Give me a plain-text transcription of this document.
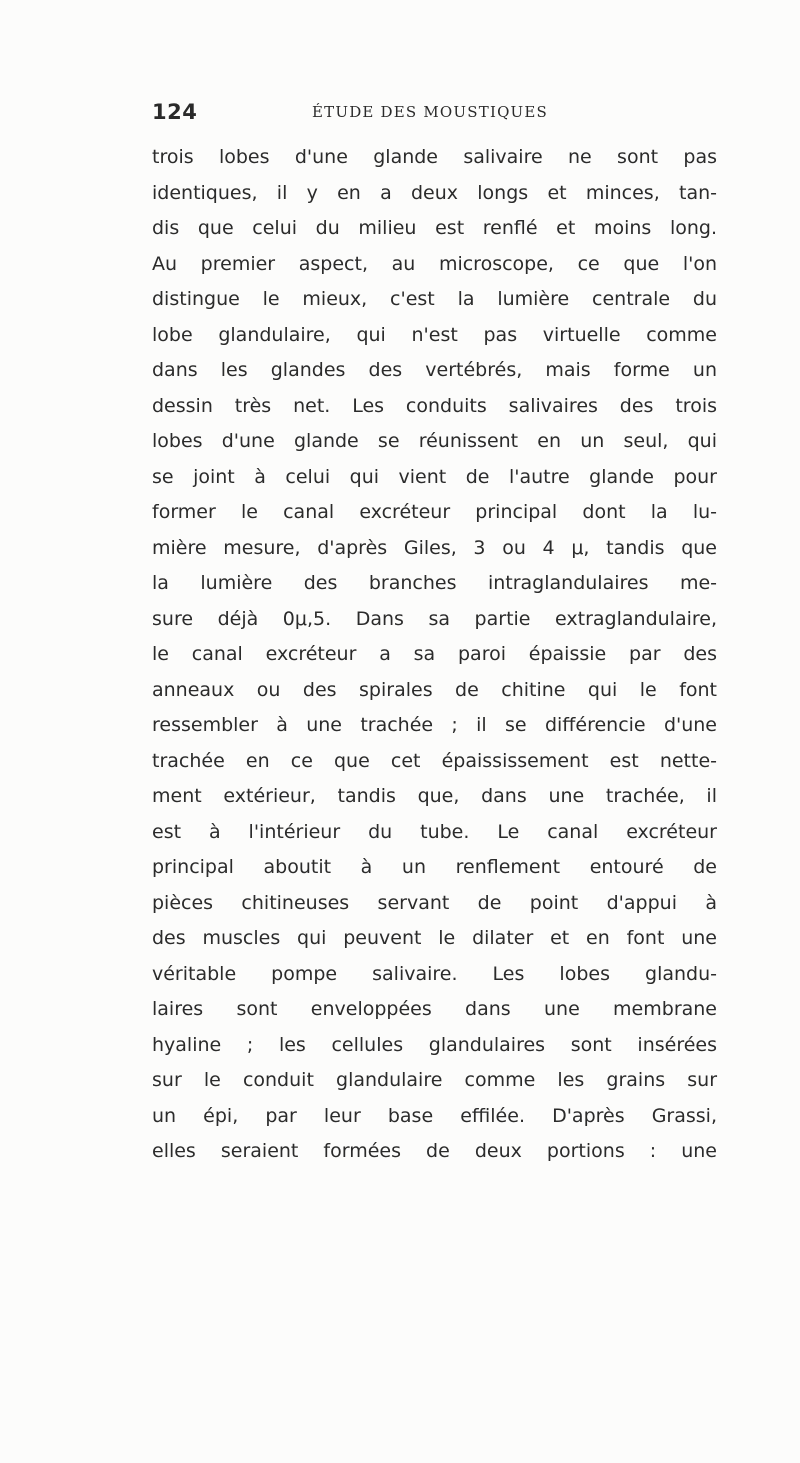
124	ÉTUDE DES MOUSTIQUES
trois lobes d'une glande salivaire ne sont pas
identiques, il y en a deux longs et minces, tan-
dis que celui du milieu est renflé et moins long.
Au premier aspect, au microscope, ce que l'on
distingue le mieux, c'est la lumière centrale du
lobe glandulaire, qui n'est pas virtuelle comme
dans les glandes des vertébrés, mais forme un
dessin très net. Les conduits salivaires des trois
lobes d'une glande se réunissent en un seul, qui
se joint à celui qui vient de l'autre glande pour
former le canal excréteur principal dont la lu-
mière mesure, d'après Giles, 3 ou 4 μ, tandis que
la lumière des branches intraglandulaires me-
sure déjà 0μ,5. Dans sa partie extraglandulaire,
le canal excréteur a sa paroi épaissie par des
anneaux ou des spirales de chitine qui le font
ressembler à une trachée ; il se différencie d'une
trachée en ce que cet épaississement est nette-
ment extérieur, tandis que, dans une trachée, il
est à l'intérieur du tube. Le canal excréteur
principal aboutit à un renflement entouré de
pièces chitineuses servant de point d'appui à
des muscles qui peuvent le dilater et en font une
véritable pompe salivaire. Les lobes glandu-
laires sont enveloppées dans une membrane
hyaline ; les cellules glandulaires sont insérées
sur le conduit glandulaire comme les grains sur
un épi, par leur base effilée. D'après Grassi,
elles seraient formées de deux portions : une
